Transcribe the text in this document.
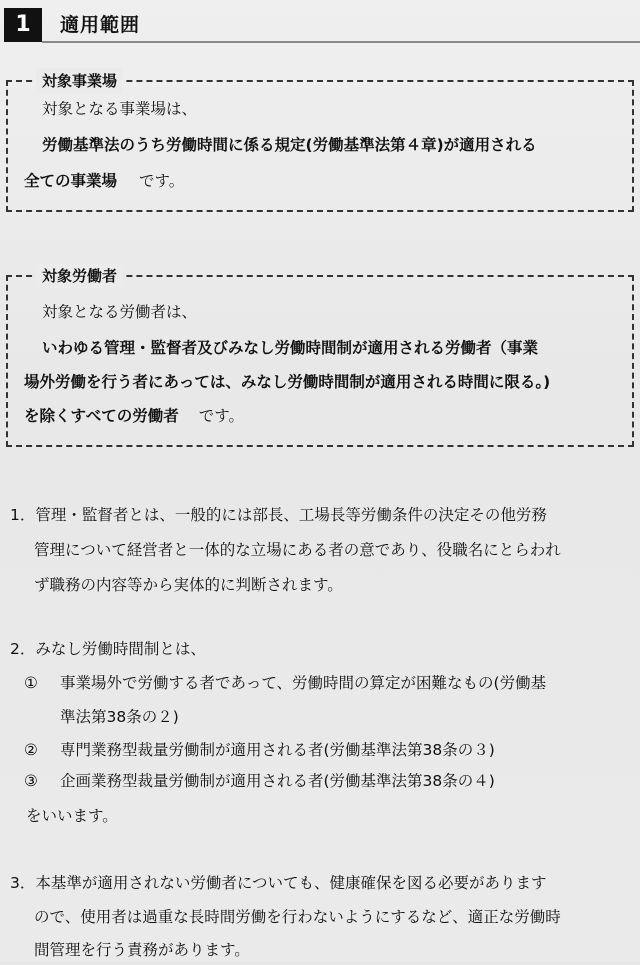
1	適用範囲
対象事業場
対象となる事業場は、
労働基準法のうち労働時間に係る規定(労働基準法第４章)が適用される
全ての事業場 です。
対象労働者
対象となる労働者は、
いわゆる管理・監督者及びみなし労働時間制が適用される労働者（事業
場外労働を行う者にあっては、みなし労働時間制が適用される時間に限る。)
を除くすべての労働者 です。
1．管理・監督者とは、一般的には部長、工場長等労働条件の決定その他労務
管理について経営者と一体的な立場にある者の意であり、役職名にとらわれ
ず職務の内容等から実体的に判断されます。
2．みなし労働時間制とは、
① 事業場外で労働する者であって、労働時間の算定が困難なもの(労働基
準法第38条の２)
② 専門業務型裁量労働制が適用される者(労働基準法第38条の３)
③ 企画業務型裁量労働制が適用される者(労働基準法第38条の４)
をいいます。
3．本基準が適用されない労働者についても、健康確保を図る必要があります
ので、使用者は過重な長時間労働を行わないようにするなど、適正な労働時
間管理を行う責務があります。
